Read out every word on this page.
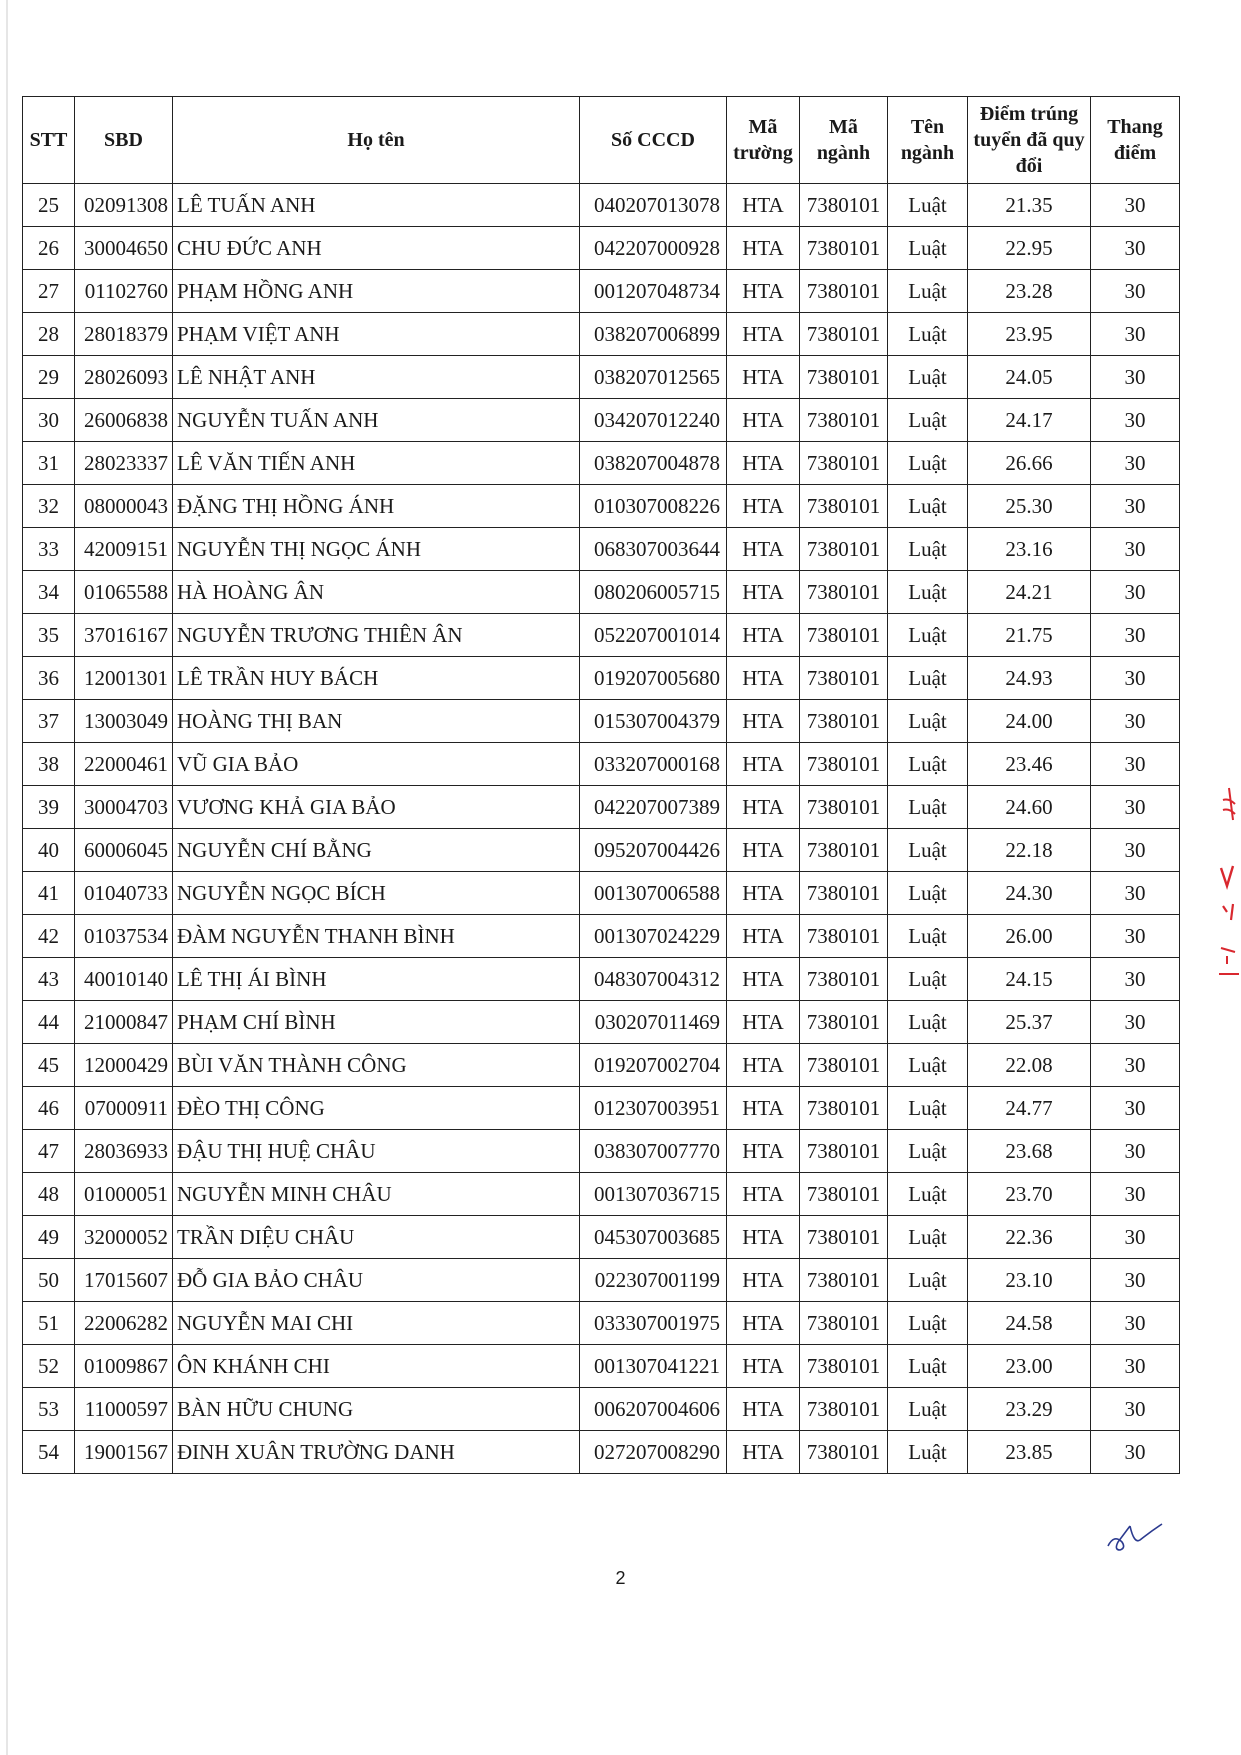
STT	SBD	Họ tên	Số CCCD	Mã trường	Mã ngành	Tên ngành	Điểm trúng tuyển đã quy đổi	Thang điểm
25	02091308	LÊ TUẤN ANH	040207013078	HTA	7380101	Luật	21.35	30
26	30004650	CHU ĐỨC ANH	042207000928	HTA	7380101	Luật	22.95	30
27	01102760	PHẠM HỒNG ANH	001207048734	HTA	7380101	Luật	23.28	30
28	28018379	PHẠM VIỆT ANH	038207006899	HTA	7380101	Luật	23.95	30
29	28026093	LÊ NHẬT ANH	038207012565	HTA	7380101	Luật	24.05	30
30	26006838	NGUYỄN TUẤN ANH	034207012240	HTA	7380101	Luật	24.17	30
31	28023337	LÊ VĂN TIẾN ANH	038207004878	HTA	7380101	Luật	26.66	30
32	08000043	ĐẶNG THỊ HỒNG ÁNH	010307008226	HTA	7380101	Luật	25.30	30
33	42009151	NGUYỄN THỊ NGỌC ÁNH	068307003644	HTA	7380101	Luật	23.16	30
34	01065588	HÀ HOÀNG ÂN	080206005715	HTA	7380101	Luật	24.21	30
35	37016167	NGUYỄN TRƯƠNG THIÊN ÂN	052207001014	HTA	7380101	Luật	21.75	30
36	12001301	LÊ TRẦN HUY BÁCH	019207005680	HTA	7380101	Luật	24.93	30
37	13003049	HOÀNG THỊ BAN	015307004379	HTA	7380101	Luật	24.00	30
38	22000461	VŨ GIA BẢO	033207000168	HTA	7380101	Luật	23.46	30
39	30004703	VƯƠNG KHẢ GIA BẢO	042207007389	HTA	7380101	Luật	24.60	30
40	60006045	NGUYỄN CHÍ BẰNG	095207004426	HTA	7380101	Luật	22.18	30
41	01040733	NGUYỄN NGỌC BÍCH	001307006588	HTA	7380101	Luật	24.30	30
42	01037534	ĐÀM NGUYỄN THANH BÌNH	001307024229	HTA	7380101	Luật	26.00	30
43	40010140	LÊ THỊ ÁI BÌNH	048307004312	HTA	7380101	Luật	24.15	30
44	21000847	PHẠM CHÍ BÌNH	030207011469	HTA	7380101	Luật	25.37	30
45	12000429	BÙI VĂN THÀNH CÔNG	019207002704	HTA	7380101	Luật	22.08	30
46	07000911	ĐÈO THỊ CÔNG	012307003951	HTA	7380101	Luật	24.77	30
47	28036933	ĐẬU THỊ HUỆ CHÂU	038307007770	HTA	7380101	Luật	23.68	30
48	01000051	NGUYỄN MINH CHÂU	001307036715	HTA	7380101	Luật	23.70	30
49	32000052	TRẦN DIỆU CHÂU	045307003685	HTA	7380101	Luật	22.36	30
50	17015607	ĐỖ GIA BẢO CHÂU	022307001199	HTA	7380101	Luật	23.10	30
51	22006282	NGUYỄN MAI CHI	033307001975	HTA	7380101	Luật	24.58	30
52	01009867	ÔN KHÁNH CHI	001307041221	HTA	7380101	Luật	23.00	30
53	11000597	BÀN HỮU CHUNG	006207004606	HTA	7380101	Luật	23.29	30
54	19001567	ĐINH XUÂN TRƯỜNG DANH	027207008290	HTA	7380101	Luật	23.85	30
2
